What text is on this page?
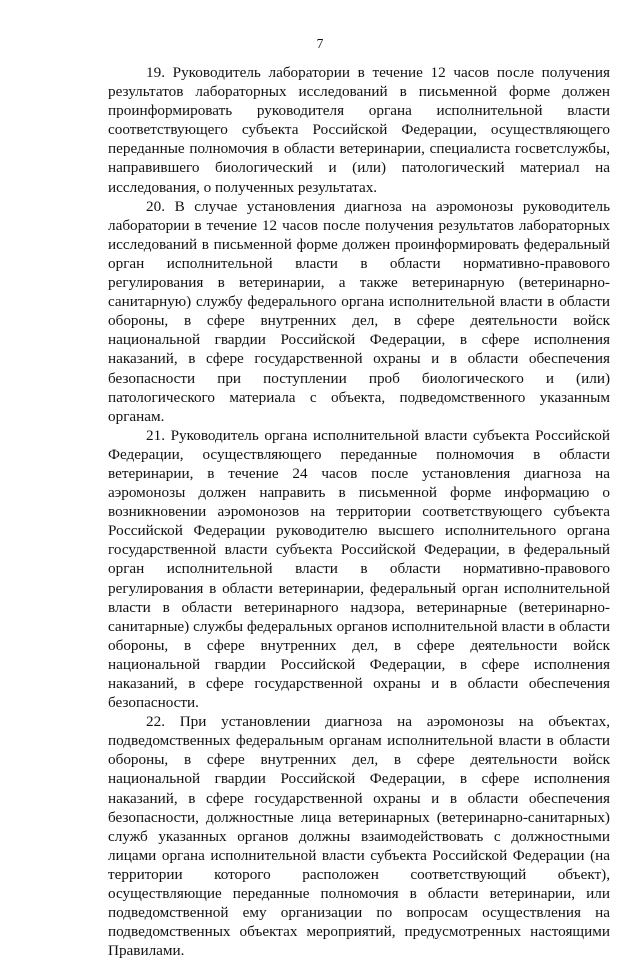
7

19. Руководитель лаборатории в течение 12 часов после получения результатов лабораторных исследований в письменной форме должен проинформировать руководителя органа исполнительной власти соответствующего субъекта Российской Федерации, осуществляющего переданные полномочия в области ветеринарии, специалиста госветслужбы, направившего биологический и (или) патологический материал на исследования, о полученных результатах.

20. В случае установления диагноза на аэромонозы руководитель лаборатории в течение 12 часов после получения результатов лабораторных исследований в письменной форме должен проинформировать федеральный орган исполнительной власти в области нормативно-правового регулирования в ветеринарии, а также ветеринарную (ветеринарно-санитарную) службу федерального органа исполнительной власти в области обороны, в сфере внутренних дел, в сфере деятельности войск национальной гвардии Российской Федерации, в сфере исполнения наказаний, в сфере государственной охраны и в области обеспечения безопасности при поступлении проб биологического и (или) патологического материала с объекта, подведомственного указанным органам.

21. Руководитель органа исполнительной власти субъекта Российской Федерации, осуществляющего переданные полномочия в области ветеринарии, в течение 24 часов после установления диагноза на аэромонозы должен направить в письменной форме информацию о возникновении аэромонозов на территории соответствующего субъекта Российской Федерации руководителю высшего исполнительного органа государственной власти субъекта Российской Федерации, в федеральный орган исполнительной власти в области нормативно-правового регулирования в области ветеринарии, федеральный орган исполнительной власти в области ветеринарного надзора, ветеринарные (ветеринарно-санитарные) службы федеральных органов исполнительной власти в области обороны, в сфере внутренних дел, в сфере деятельности войск национальной гвардии Российской Федерации, в сфере исполнения наказаний, в сфере государственной охраны и в области обеспечения безопасности.

22. При установлении диагноза на аэромонозы на объектах, подведомственных федеральным органам исполнительной власти в области обороны, в сфере внутренних дел, в сфере деятельности войск национальной гвардии Российской Федерации, в сфере исполнения наказаний, в сфере государственной охраны и в области обеспечения безопасности, должностные лица ветеринарных (ветеринарно-санитарных) служб указанных органов должны взаимодействовать с должностными лицами органа исполнительной власти субъекта Российской Федерации (на территории которого расположен соответствующий объект), осуществляющие переданные полномочия в области ветеринарии, или подведомственной ему организации по вопросам осуществления на подведомственных объектах мероприятий, предусмотренных настоящими Правилами.
